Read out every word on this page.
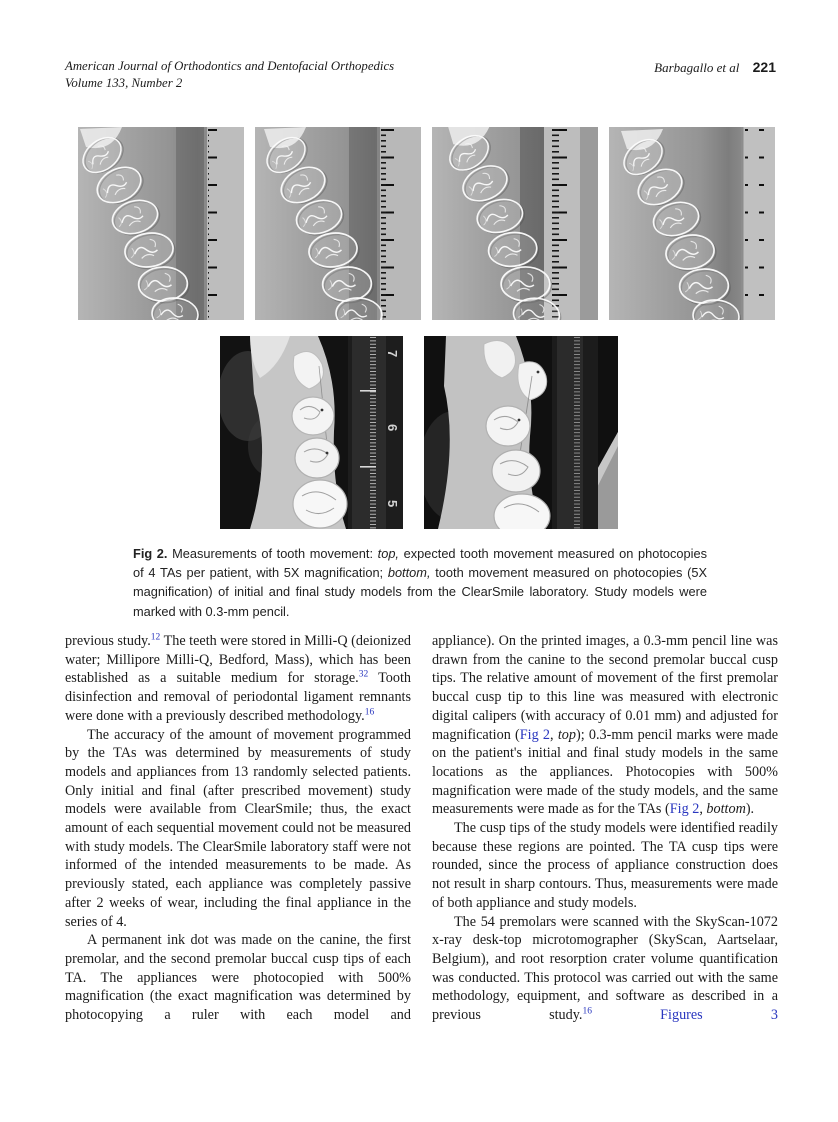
American Journal of Orthodontics and Dentofacial Orthopedics
Volume 133, Number 2
Barbagallo et al 221
7
6
5

Fig 2. Measurements of tooth movement: top, expected tooth movement measured on photocopies of 4 TAs per patient, with 5X magnification; bottom, tooth movement measured on photocopies (5X magnification) of initial and final study models from the ClearSmile laboratory. Study models were marked with 0.3-mm pencil.

previous study.$^{12}$ The teeth were stored in Milli-Q (deionized water; Millipore Milli-Q, Bedford, Mass), which has been established as a suitable medium for storage.$^{32}$ Tooth disinfection and removal of periodontal ligament remnants were done with a previously described methodology.$^{16}$

The accuracy of the amount of movement programmed by the TAs was determined by measurements of study models and appliances from 13 randomly selected patients. Only initial and final (after prescribed movement) study models were available from ClearSmile; thus, the exact amount of each sequential movement could not be measured with study models. The ClearSmile laboratory staff were not informed of the intended measurements to be made. As previously stated, each appliance was completely passive after 2 weeks of wear, including the final appliance in the series of 4.

A permanent ink dot was made on the canine, the first premolar, and the second premolar buccal cusp tips of each TA. The appliances were photocopied with 500% magnification (the exact magnification was determined by photocopying a ruler with each model and

appliance). On the printed images, a 0.3-mm pencil line was drawn from the canine to the second premolar buccal cusp tips. The relative amount of movement of the first premolar buccal cusp tip to this line was measured with electronic digital calipers (with accuracy of 0.01 mm) and adjusted for magnification (Fig 2, top); 0.3-mm pencil marks were made on the patient's initial and final study models in the same locations as the appliances. Photocopies with 500% magnification were made of the study models, and the same measurements were made as for the TAs (Fig 2, bottom).

The cusp tips of the study models were identified readily because these regions are pointed. The TA cusp tips were rounded, since the process of appliance construction does not result in sharp contours. Thus, measurements were made of both appliance and study models.

The 54 premolars were scanned with the SkyScan-1072 x-ray desk-top microtomographer (SkyScan, Aartselaar, Belgium), and root resorption crater volume quantification was conducted. This protocol was carried out with the same methodology, equipment, and software as described in a previous study.$^{16}$	Figures 3
